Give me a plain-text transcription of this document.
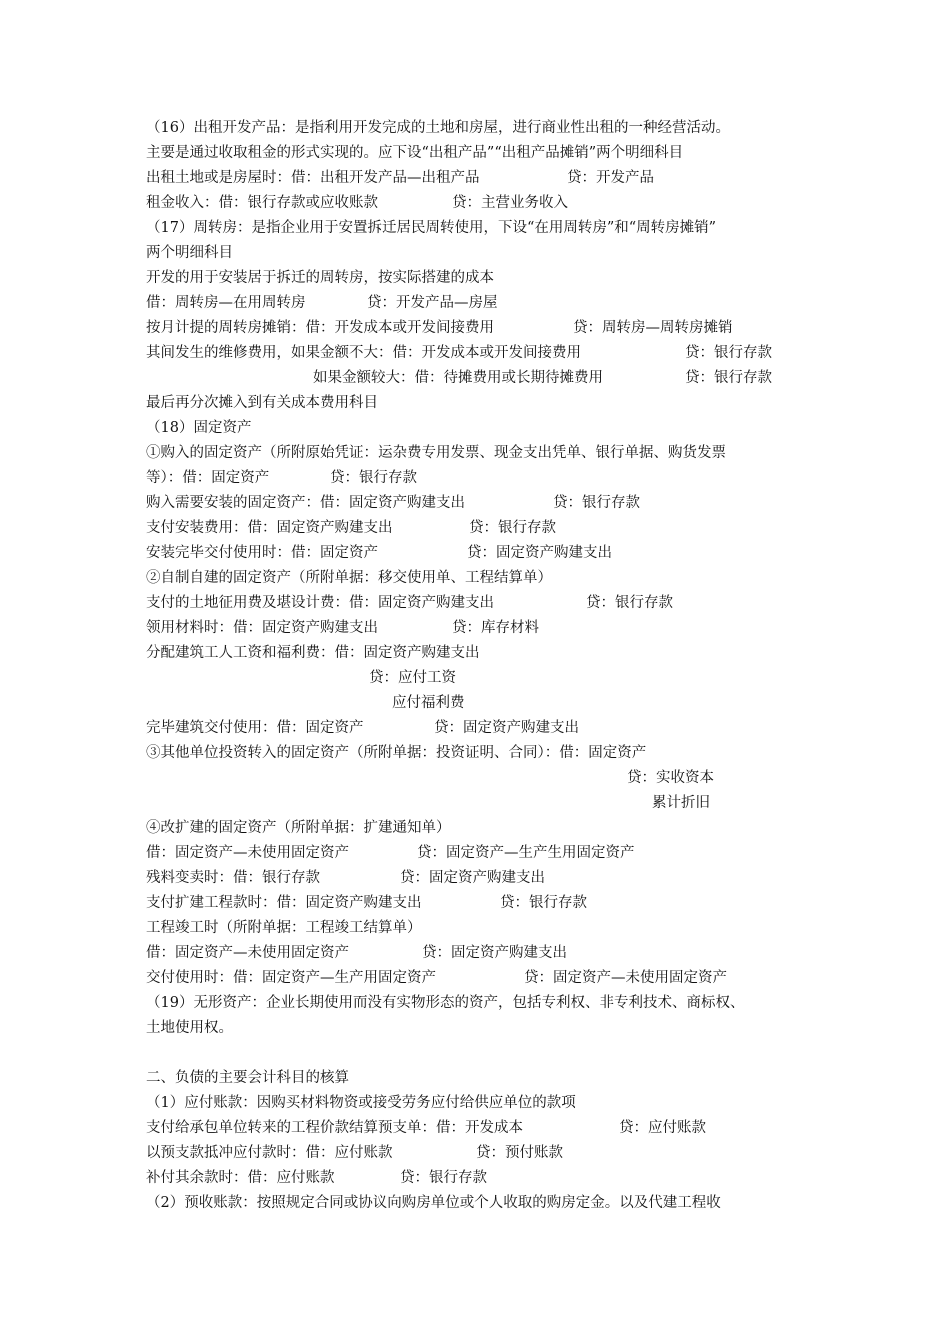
（16）出租开发产品：是指利用开发完成的土地和房屋，进行商业性出租的一种经营活动。
主要是通过收取租金的形式实现的。应下设“出租产品”“出租产品摊销”两个明细科目
出租土地或是房屋时：借：出租开发产品—出租产品	贷：开发产品
租金收入：借：银行存款或应收账款	贷：主营业务收入
（17）周转房：是指企业用于安置拆迁居民周转使用，下设“在用周转房”和“周转房摊销”
两个明细科目
开发的用于安装居于拆迁的周转房，按实际搭建的成本
借：周转房—在用周转房	贷：开发产品—房屋
按月计提的周转房摊销：借：开发成本或开发间接费用	贷：周转房—周转房摊销
其间发生的维修费用，如果金额不大：借：开发成本或开发间接费用	贷：银行存款
如果金额较大：借：待摊费用或长期待摊费用	贷：银行存款
最后再分次摊入到有关成本费用科目
（18）固定资产
①购入的固定资产（所附原始凭证：运杂费专用发票、现金支出凭单、银行单据、购货发票
等）：借：固定资产	贷：银行存款
购入需要安装的固定资产：借：固定资产购建支出	贷：银行存款
支付安装费用：借：固定资产购建支出	贷：银行存款
安装完毕交付使用时：借：固定资产	贷：固定资产购建支出
②自制自建的固定资产（所附单据：移交使用单、工程结算单）
支付的土地征用费及堪设计费：借：固定资产购建支出	贷：银行存款
领用材料时：借：固定资产购建支出	贷：库存材料
分配建筑工人工资和福利费：借：固定资产购建支出
贷：应付工资
应付福利费
完毕建筑交付使用：借：固定资产	贷：固定资产购建支出
③其他单位投资转入的固定资产（所附单据：投资证明、合同）：借：固定资产
贷：实收资本
累计折旧
④改扩建的固定资产（所附单据：扩建通知单）
借：固定资产—未使用固定资产	贷：固定资产—生产生用固定资产
残料变卖时：借：银行存款	贷：固定资产购建支出
支付扩建工程款时：借：固定资产购建支出	贷：银行存款
工程竣工时（所附单据：工程竣工结算单）
借：固定资产—未使用固定资产	贷：固定资产购建支出
交付使用时：借：固定资产—生产用固定资产	贷：固定资产—未使用固定资产
（19）无形资产：企业长期使用而没有实物形态的资产，包括专利权、非专利技术、商标权、
土地使用权。
二、负债的主要会计科目的核算
（1）应付账款：因购买材料物资或接受劳务应付给供应单位的款项
支付给承包单位转来的工程价款结算预支单：借：开发成本	贷：应付账款
以预支款抵冲应付款时：借：应付账款	贷：预付账款
补付其余款时：借：应付账款	贷：银行存款
（2）预收账款：按照规定合同或协议向购房单位或个人收取的购房定金。以及代建工程收
